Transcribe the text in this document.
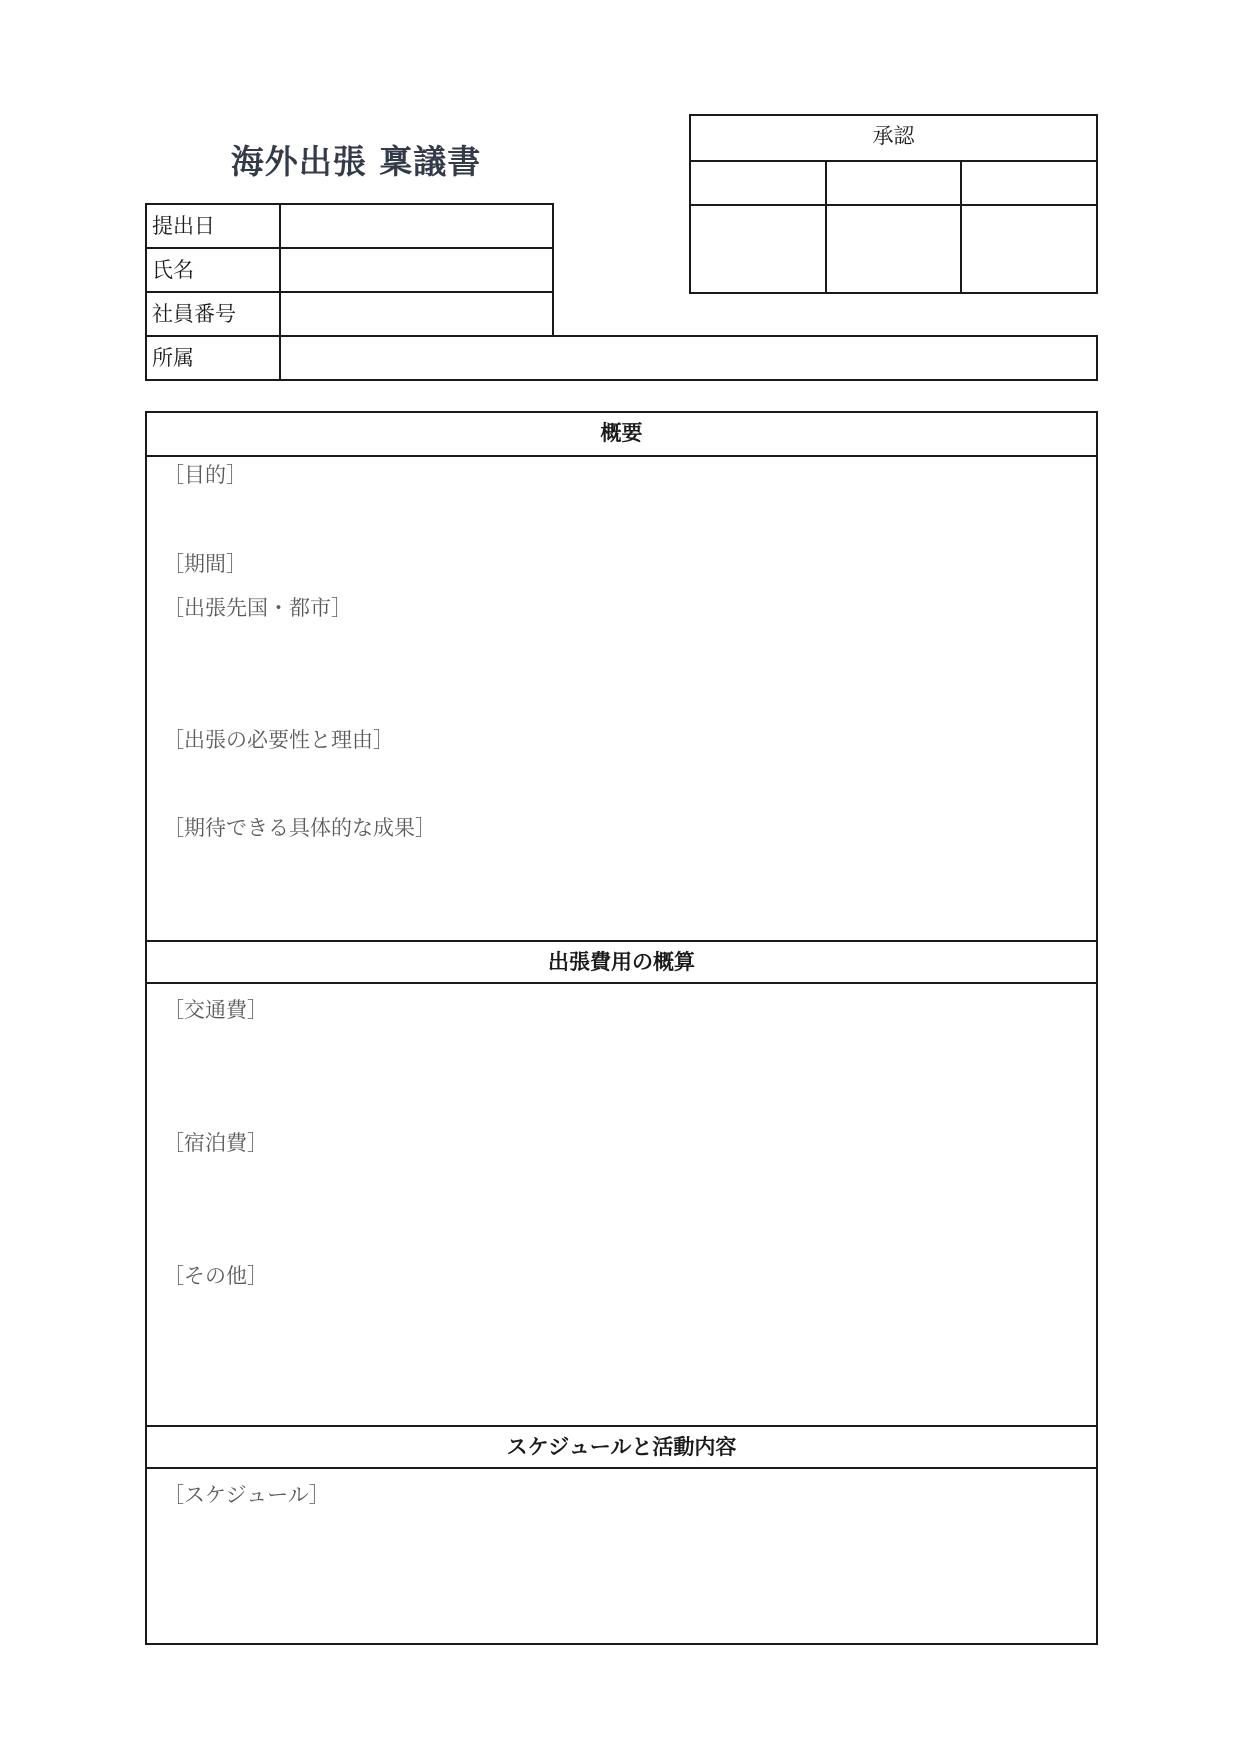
海外出張 稟議書
提出日
氏名
社員番号
所属
承認
概要
［目的］
［期間］
［出張先国・都市］
［出張の必要性と理由］
［期待できる具体的な成果］
出張費用の概算
［交通費］
［宿泊費］
［その他］
スケジュールと活動内容
［スケジュール］
